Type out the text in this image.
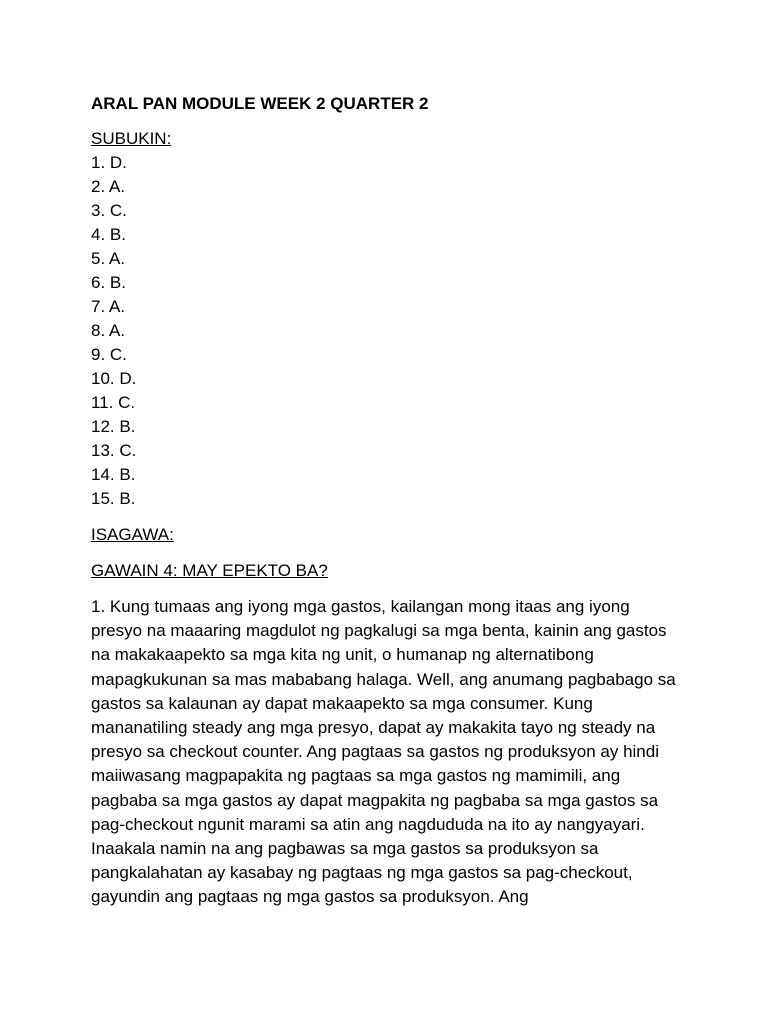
ARAL PAN MODULE WEEK 2 QUARTER 2
SUBUKIN:
1. D.
2. A.
3. C.
4. B.
5. A.
6. B.
7. A.
8. A.
9. C.
10. D.
11. C.
12. B.
13. C.
14. B.
15. B.
ISAGAWA:
GAWAIN 4: MAY EPEKTO BA?

1. Kung tumaas ang iyong mga gastos, kailangan mong itaas ang iyong presyo na maaaring magdulot ng pagkalugi sa mga benta, kainin ang gastos na makakaapekto sa mga kita ng unit, o humanap ng alternatibong mapagkukunan sa mas mababang halaga. Well, ang anumang pagbabago sa gastos sa kalaunan ay dapat makaapekto sa mga consumer. Kung mananatiling steady ang mga presyo, dapat ay makakita tayo ng steady na presyo sa checkout counter. Ang pagtaas sa gastos ng produksyon ay hindi maiiwasang magpapakita ng pagtaas sa mga gastos ng mamimili, ang pagbaba sa mga gastos ay dapat magpakita ng pagbaba sa mga gastos sa pag-checkout ngunit marami sa atin ang nagdududa na ito ay nangyayari. Inaakala namin na ang pagbawas sa mga gastos sa produksyon sa pangkalahatan ay kasabay ng pagtaas ng mga gastos sa pag-checkout, gayundin ang pagtaas ng mga gastos sa produksyon. Ang
